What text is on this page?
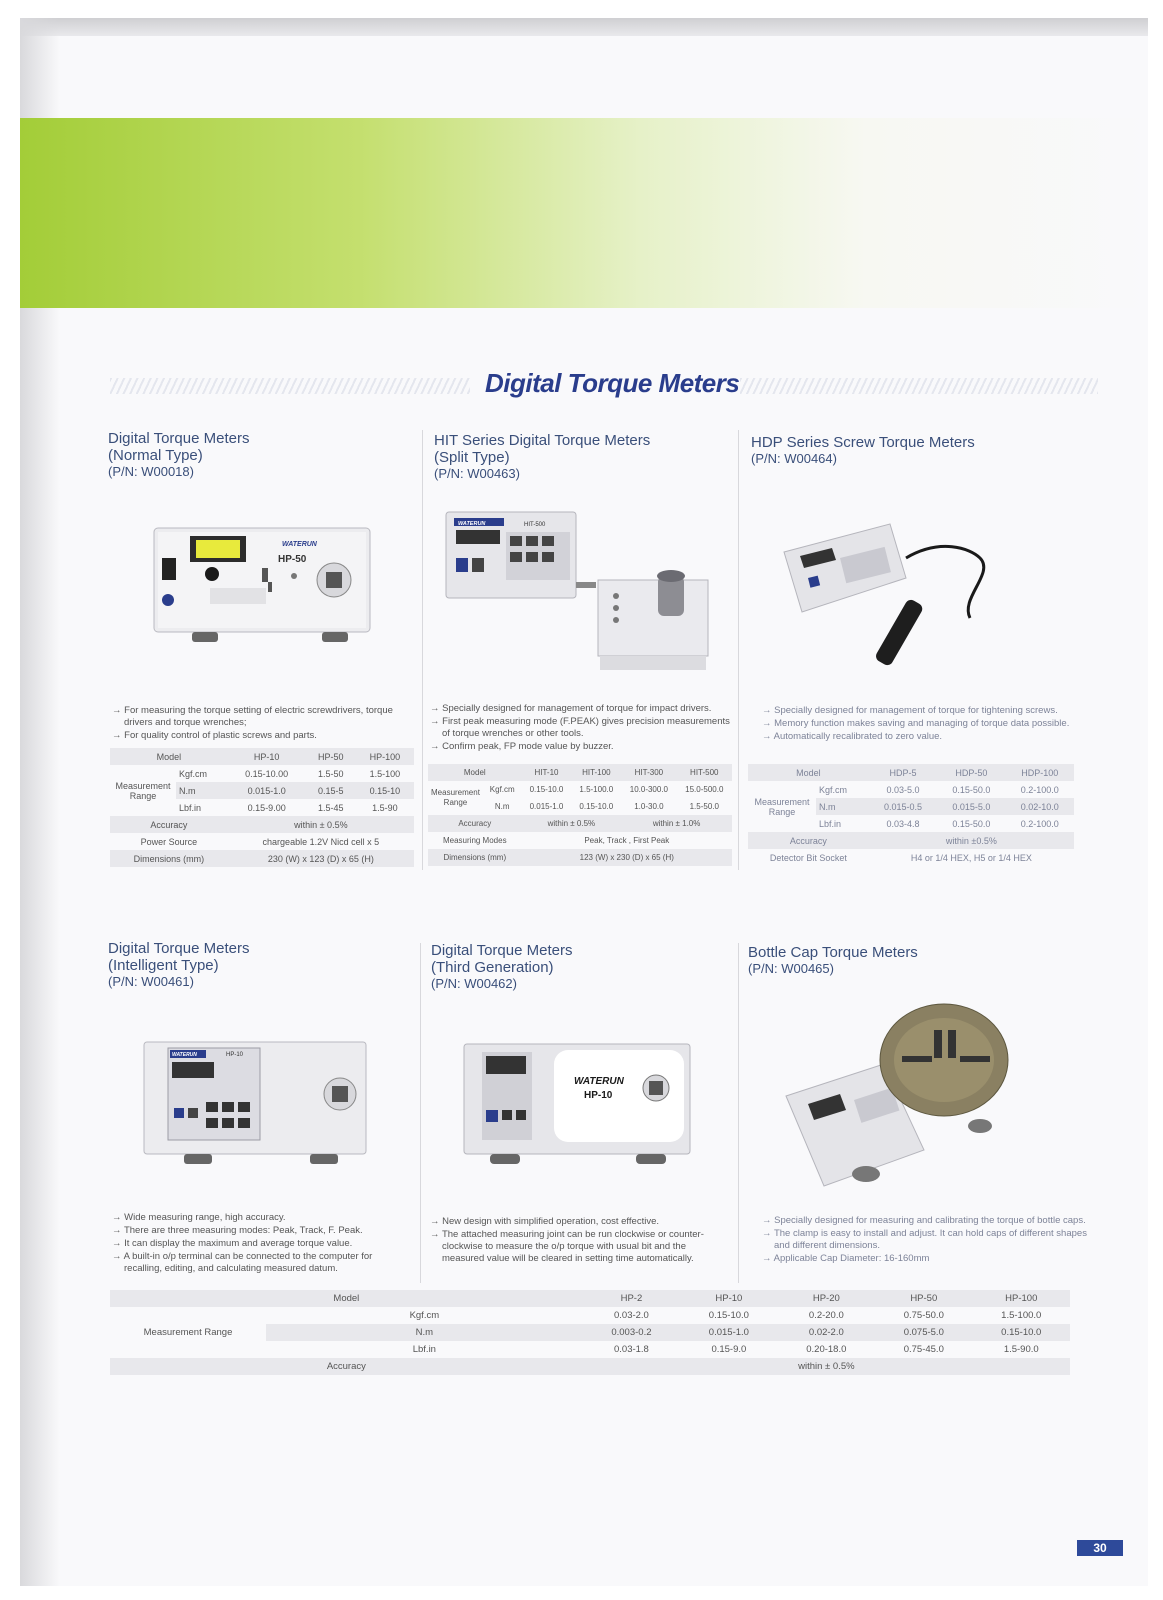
Digital Torque Meters
Digital Torque Meters
(Normal Type)
(P/N: W00018)
WATERUN
HP-50

→ For measuring the torque setting of electric screwdrivers, torque drivers and torque wrenches;

→ For quality control of plastic screws and parts.

Model		HP-10	HP-50	HP-100
Measurement Range	Kgf.cm	0.15-10.00	1.5-50	1.5-100
	N.m	0.015-1.0	0.15-5	0.15-10
	Lbf.in	0.15-9.00	1.5-45	1.5-90
Accuracy		within ± 0.5%		
Power Source		chargeable 1.2V Nicd cell x 5		
Dimensions (mm)		230 (W) x 123 (D) x 65 (H)		
HIT Series Digital Torque Meters
(Split Type)
(P/N: W00463)
WATERUN	HIT-500

→ Specially designed for management of torque for impact drivers.

→ First peak measuring mode (F.PEAK) gives precision measurements of torque wrenches or other tools.

→ Confirm peak, FP mode value by buzzer.

Model		HIT-10	HIT-100	HIT-300	HIT-500
Measurement Range	Kgf.cm	0.15-10.0	1.5-100.0	10.0-300.0	15.0-500.0
	N.m	0.015-1.0	0.15-10.0	1.0-30.0	1.5-50.0
Accuracy		within ± 0.5%		within ± 1.0%	
Measuring Modes		Peak, Track , First Peak			
Dimensions (mm)		123 (W) x 230 (D) x 65 (H)			
HDP Series Screw Torque Meters
(P/N: W00464)

→ Specially designed for management of torque for tightening screws.

→ Memory function makes saving and managing of torque data possible.

→ Automatically recalibrated to zero value.

Model		HDP-5	HDP-50	HDP-100
Measurement Range	Kgf.cm	0.03-5.0	0.15-50.0	0.2-100.0
	N.m	0.015-0.5	0.015-5.0	0.02-10.0
	Lbf.in	0.03-4.8	0.15-50.0	0.2-100.0
Accuracy		within ±0.5%		
Detector Bit Socket		H4 or 1/4 HEX, H5 or 1/4 HEX		
Digital Torque Meters
(Intelligent Type)
(P/N: W00461)
WATERUN	HP-10

→ Wide measuring range, high accuracy.

→ There are three measuring modes: Peak, Track, F. Peak.

→ It can display the maximum and average torque value.

→ A built-in o/p terminal can be connected to the computer for recalling, editing, and calculating measured datum.

Digital Torque Meters
(Third Generation)
(P/N: W00462)
WATERUN
HP-10

→ New design with simplified operation, cost effective.

→ The attached measuring joint can be run clockwise or counter-clockwise to measure the o/p torque with usual bit and the measured value will be cleared in setting time automatically.

Bottle Cap Torque Meters
(P/N: W00465)

→ Specially designed for measuring and calibrating the torque of bottle caps.

→ The clamp is easy to install and adjust. It can hold caps of different shapes and different dimensions.

→ Applicable Cap Diameter: 16-160mm

Model		HP-2	HP-10	HP-20	HP-50	HP-100
Measurement Range	Kgf.cm	0.03-2.0	0.15-10.0	0.2-20.0	0.75-50.0	1.5-100.0
	N.m	0.003-0.2	0.015-1.0	0.02-2.0	0.075-5.0	0.15-10.0
	Lbf.in	0.03-1.8	0.15-9.0	0.20-18.0	0.75-45.0	1.5-90.0
Accuracy		within ± 0.5%				
30
